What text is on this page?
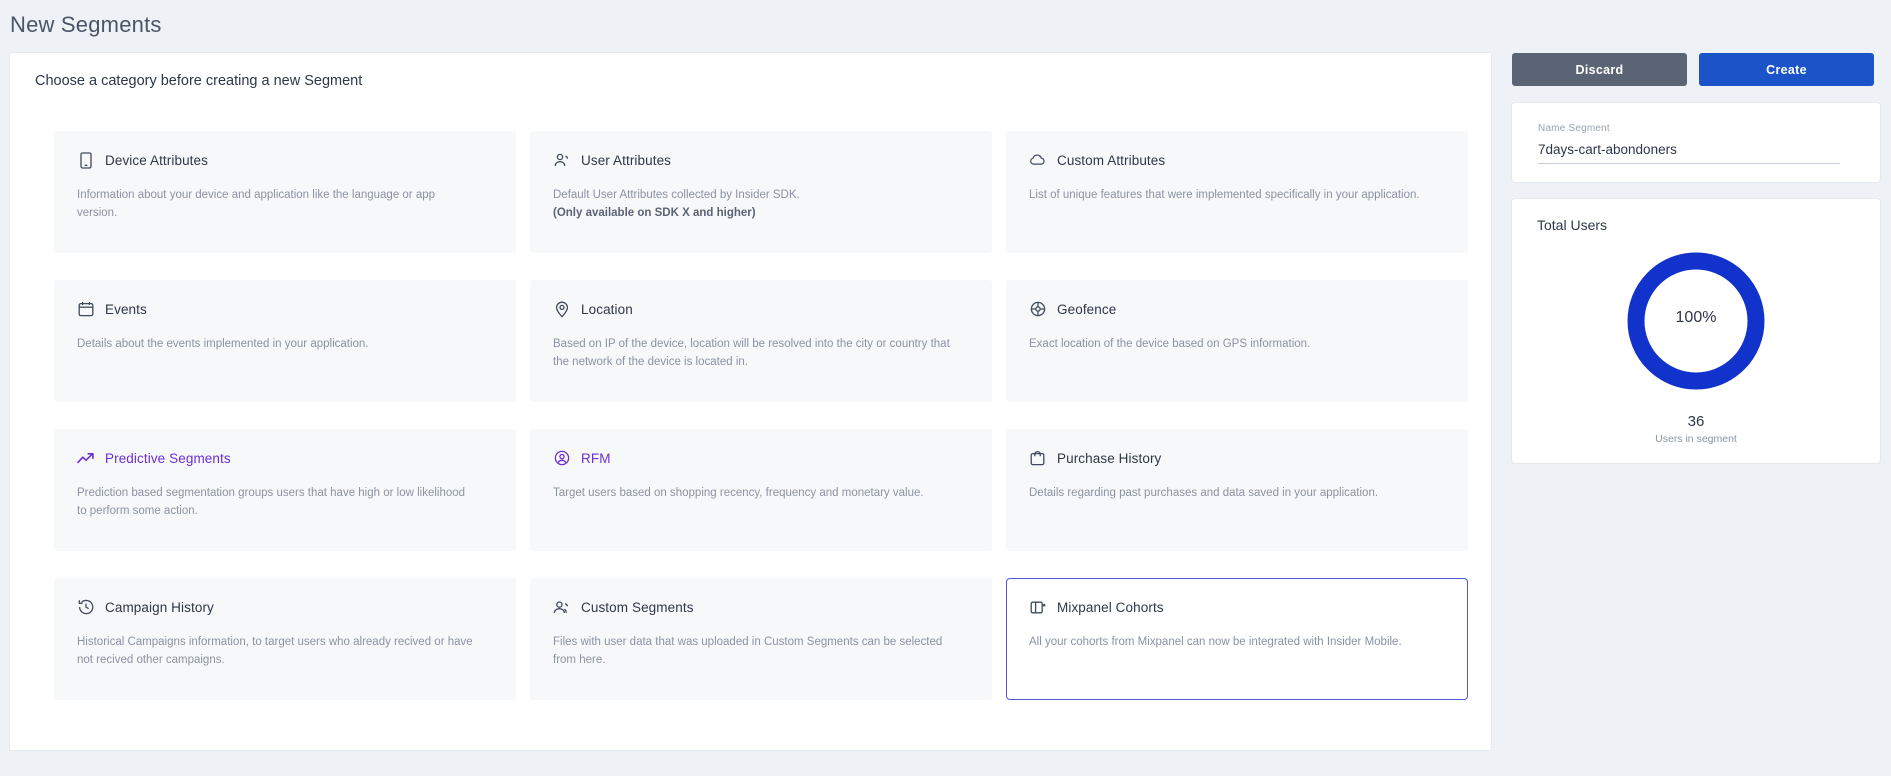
New Segments
Choose a category before creating a new Segment
Device Attributes
Information about your device and application like the language or app version.
User Attributes
Default User Attributes collected by Insider SDK.
(Only available on SDK X and higher)
Custom Attributes
List of unique features that were implemented specifically in your application.
Events
Details about the events implemented in your application.
Location
Based on IP of the device, location will be resolved into the city or country that the network of the device is located in.
Geofence
Exact location of the device based on GPS information.
Predictive Segments
Prediction based segmentation groups users that have high or low likelihood to perform some action.
RFM
Target users based on shopping recency, frequency and monetary value.
Purchase History
Details regarding past purchases and data saved in your application.
Campaign History
Historical Campaigns information, to target users who already recived or have not recived other campaigns.
Custom Segments
Files with user data that was uploaded in Custom Segments can be selected from here.
Mixpanel Cohorts
All your cohorts from Mixpanel can now be integrated with Insider Mobile.
Discard	Create
Name Segment
7days-cart-abondoners
Total Users
100%
36
Users in segment
